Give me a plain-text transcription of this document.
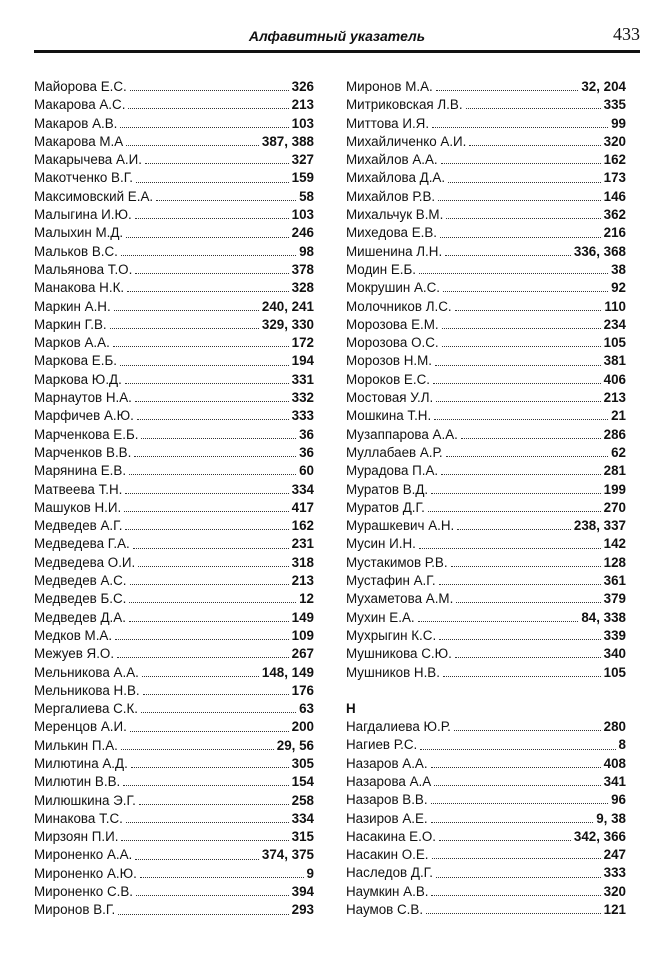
Алфавитный указатель	433
Майорова Е.С.	326
Макарова А.С.	213
Макаров А.В.	103
Макарова М.А	387, 388
Макарычева А.И.	327
Макотченко В.Г.	159
Максимовский Е.А.	58
Малыгина И.Ю.	103
Малыхин М.Д.	246
Мальков В.С.	98
Мальянова Т.О.	378
Манакова Н.К.	328
Маркин А.Н.	240, 241
Маркин Г.В.	329, 330
Марков А.А.	172
Маркова Е.Б.	194
Маркова Ю.Д.	331
Марнаутов Н.А.	332
Марфичев А.Ю.	333
Марченкова Е.Б.	36
Марченков В.В.	36
Марянина Е.В.	60
Матвеева Т.Н.	334
Машуков Н.И.	417
Медведев А.Г.	162
Медведева Г.А.	231
Медведева О.И.	318
Медведев А.С.	213
Медведев Б.С.	12
Медведев Д.А.	149
Медков М.А.	109
Межуев Я.О.	267
Мельникова А.А.	148, 149
Мельникова Н.В.	176
Мергалиева С.К.	63
Меренцов А.И.	200
Милькин П.А.	29, 56
Милютина А.Д.	305
Милютин В.В.	154
Милюшкина Э.Г.	258
Минакова Т.С.	334
Мирзоян П.И.	315
Мироненко А.А.	374, 375
Мироненко А.Ю.	9
Мироненко С.В.	394
Миронов В.Г.	293
Миронов М.А.	32, 204
Митриковская Л.В.	335
Миттова И.Я.	99
Михайличенко А.И.	320
Михайлов А.А.	162
Михайлова Д.А.	173
Михайлов Р.В.	146
Михальчук В.М.	362
Михедова Е.В.	216
Мишенина Л.Н.	336, 368
Модин Е.Б.	38
Мокрушин А.С.	92
Молочников Л.С.	110
Морозова Е.М.	234
Морозова О.С.	105
Морозов Н.М.	381
Мороков Е.С.	406
Мостовая У.Л.	213
Мошкина Т.Н.	21
Музаппарова А.А.	286
Муллабаев А.Р.	62
Мурадова П.А.	281
Муратов В.Д.	199
Муратов Д.Г.	270
Мурашкевич А.Н.	238, 337
Мусин И.Н.	142
Мустакимов Р.В.	128
Мустафин А.Г.	361
Мухаметова А.М.	379
Мухин Е.А.	84, 338
Мухрыгин К.С.	339
Мушникова С.Ю.	340
Мушников Н.В.	105
Н
Нагдалиева Ю.Р.	280
Нагиев Р.С.	8
Назаров А.А.	408
Назарова А.А	341
Назаров В.В.	96
Назиров А.Е.	9, 38
Насакина Е.О.	342, 366
Насакин О.Е.	247
Наследов Д.Г.	333
Наумкин А.В.	320
Наумов С.В.	121
